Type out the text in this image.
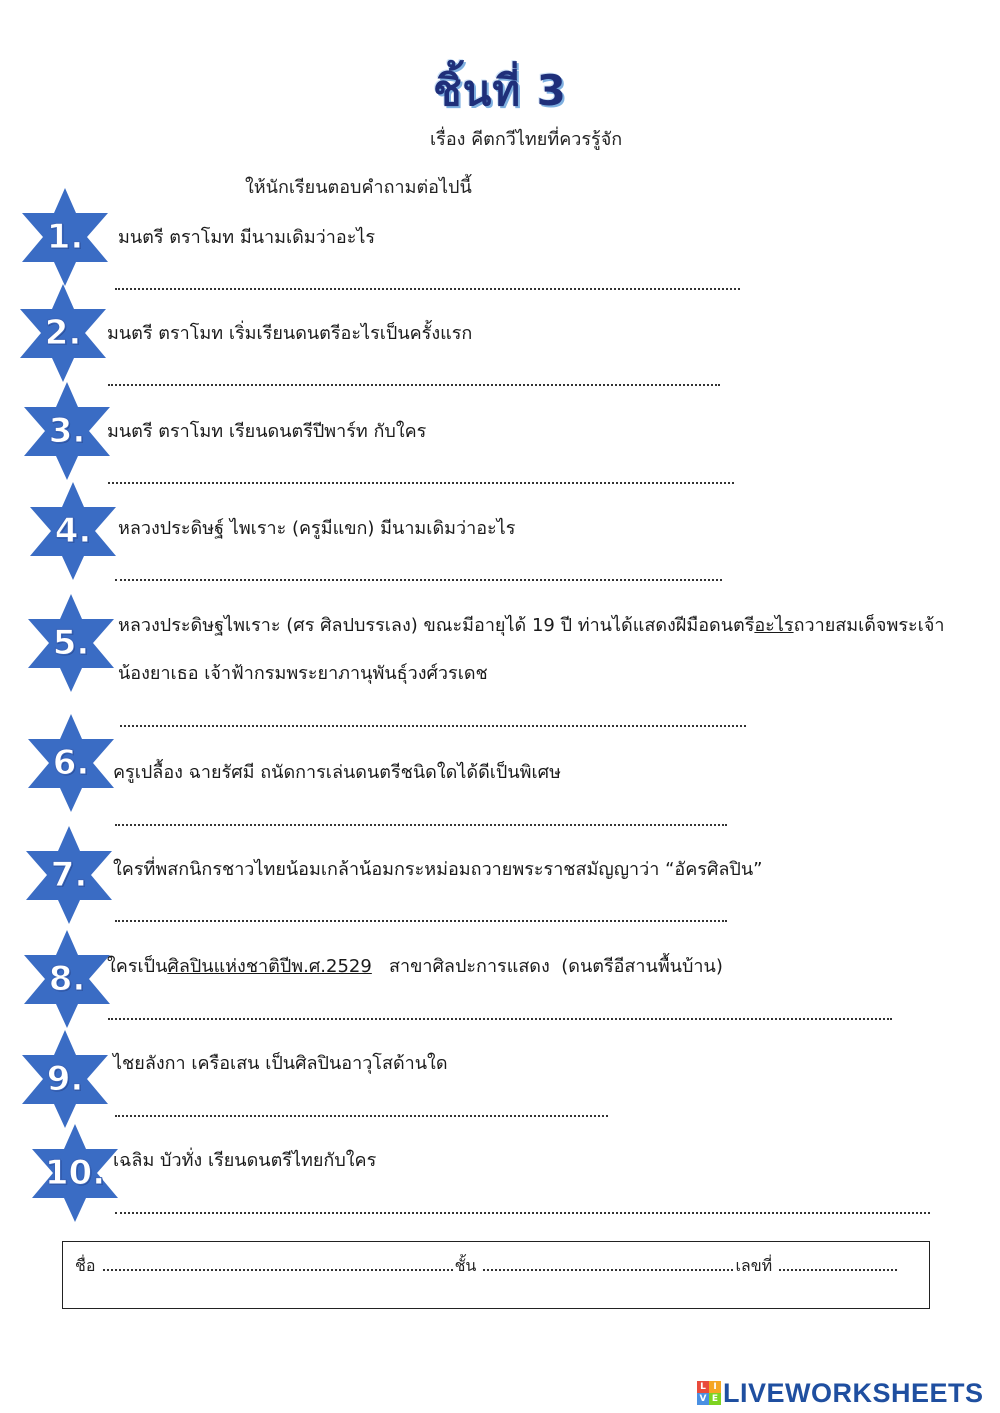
ชิ้นที่ 3
เรื่อง คีตกวีไทยที่ควรรู้จัก
ให้นักเรียนตอบคำถามต่อไปนี้
1.	มนตรี ตราโมท มีนามเดิมว่าอะไร
2.	มนตรี ตราโมท เริ่มเรียนดนตรีอะไรเป็นครั้งแรก
3.	มนตรี ตราโมท เรียนดนตรีปีพาร์ท กับใคร
4.	หลวงประดิษฐ์ ไพเราะ (ครูมีแขก) มีนามเดิมว่าอะไร
5.	หลวงประดิษฐไพเราะ (ศร ศิลปบรรเลง) ขณะมีอายุได้ 19 ปี ท่านได้แสดงฝีมือดนตรีอะไรถวายสมเด็จพระเจ้า
น้องยาเธอ เจ้าฟ้ากรมพระยาภานุพันธุ์วงศ์วรเดช
6.	ครูเปลื้อง ฉายรัศมี ถนัดการเล่นดนตรีชนิดใดได้ดีเป็นพิเศษ
7.	ใครที่พสกนิกรชาวไทยน้อมเกล้าน้อมกระหม่อมถวายพระราชสมัญญาว่า “อัครศิลปิน”
8.	ใครเป็นศิลปินแห่งชาติปีพ.ศ.2529   สาขาศิลปะการแสดง  (ดนตรีอีสานพื้นบ้าน)
9.	ไชยลังกา เครือเสน เป็นศิลปินอาวุโสด้านใด
10. เฉลิม บัวทั่ง เรียนดนตรีไทยกับใคร
ชื่อ	ชั้น	เลขที่
L I
V E LIVEWORKSHEETS
